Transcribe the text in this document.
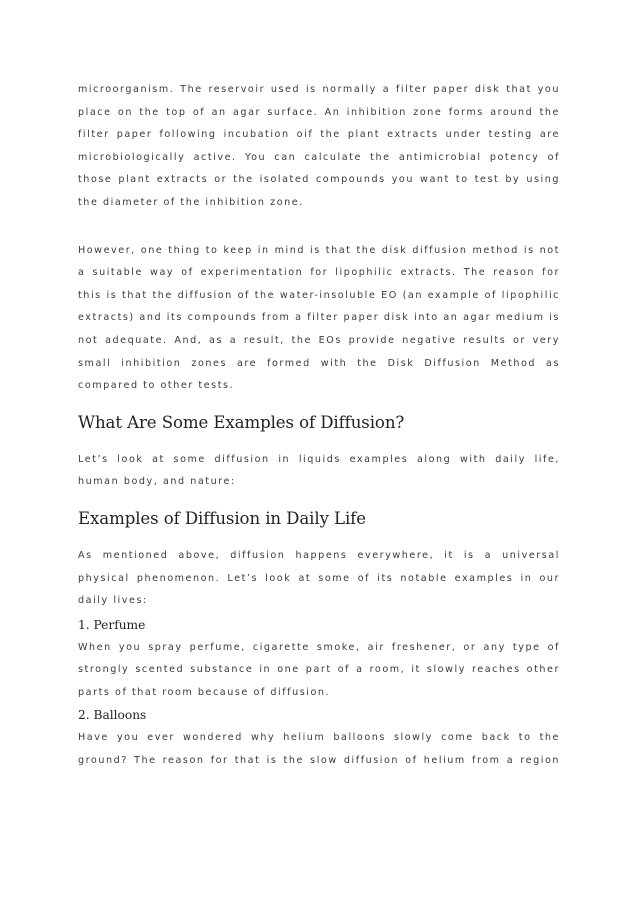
microorganism. The reservoir used is normally a filter paper disk that you place on the top of an agar surface. An inhibition zone forms around the filter paper following incubation oif the plant extracts under testing are microbiologically active. You can calculate the antimicrobial potency of those plant extracts or the isolated compounds you want to test by using the diameter of the inhibition zone.

However, one thing to keep in mind is that the disk diffusion method is not a suitable way of experimentation for lipophilic extracts. The reason for this is that the diffusion of the water-insoluble EO (an example of lipophilic extracts) and its compounds from a filter paper disk into an agar medium is not adequate. And, as a result, the EOs provide negative results or very small inhibition zones are formed with the Disk Diffusion Method as compared to other tests.

What Are Some Examples of Diffusion?

Let’s look at some diffusion in liquids examples along with daily life, human body, and nature:

Examples of Diffusion in Daily Life

As mentioned above, diffusion happens everywhere, it is a universal physical phenomenon. Let’s look at some of its notable examples in our daily lives:

1. Perfume

When you spray perfume, cigarette smoke, air freshener, or any type of strongly scented substance in one part of a room, it slowly reaches other parts of that room because of diffusion.

2. Balloons

Have you ever wondered why helium balloons slowly come back to the ground? The reason for that is the slow diffusion of helium from a region
